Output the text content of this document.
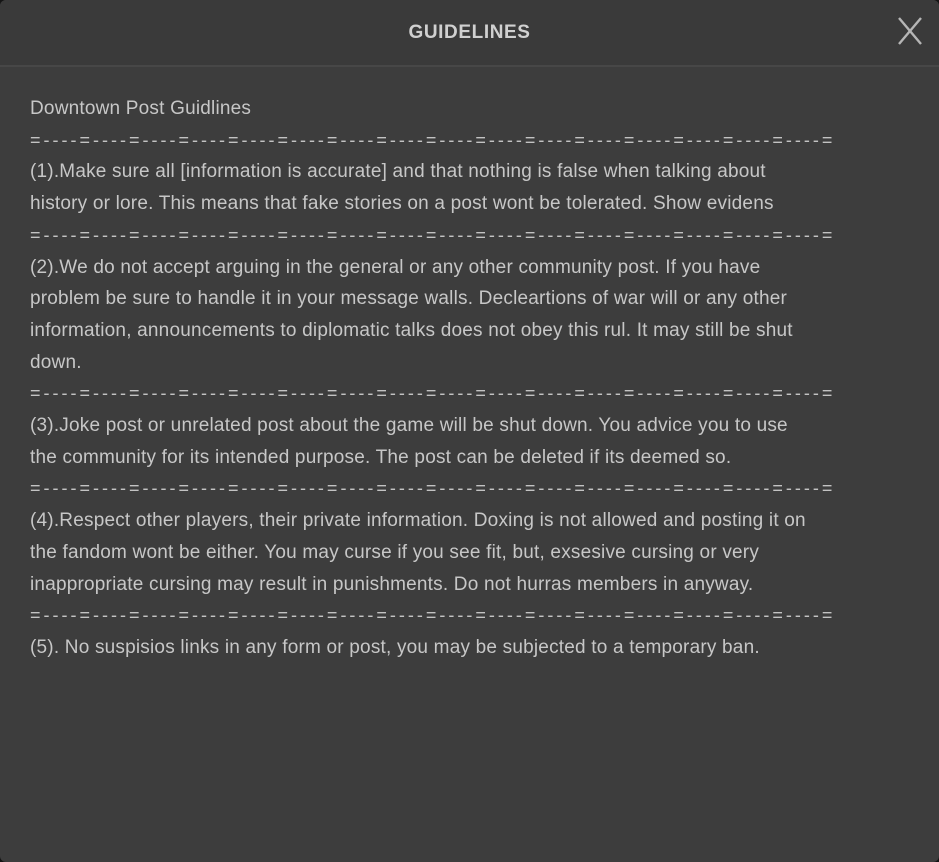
GUIDELINES
Downtown Post Guidlines
=----=----=----=----=----=----=----=----=----=----=----=----=----=----=----=----=
(1).Make sure all [information is accurate] and that nothing is false when talking about
history or lore. This means that fake stories on a post wont be tolerated. Show evidens
=----=----=----=----=----=----=----=----=----=----=----=----=----=----=----=----=
(2).We do not accept arguing in the general or any other community post. If you have
problem be sure to handle it in your message walls. Decleartions of war will or any other
information, announcements to diplomatic talks does not obey this rul. It may still be shut
down.
=----=----=----=----=----=----=----=----=----=----=----=----=----=----=----=----=
(3).Joke post or unrelated post about the game will be shut down. You advice you to use
the community for its intended purpose. The post can be deleted if its deemed so.
=----=----=----=----=----=----=----=----=----=----=----=----=----=----=----=----=
(4).Respect other players, their private information. Doxing is not allowed and posting it on
the fandom wont be either. You may curse if you see fit, but, exsesive cursing or very
inappropriate cursing may result in punishments. Do not hurras members in anyway.
=----=----=----=----=----=----=----=----=----=----=----=----=----=----=----=----=
(5). No suspisios links in any form or post, you may be subjected to a temporary ban.
